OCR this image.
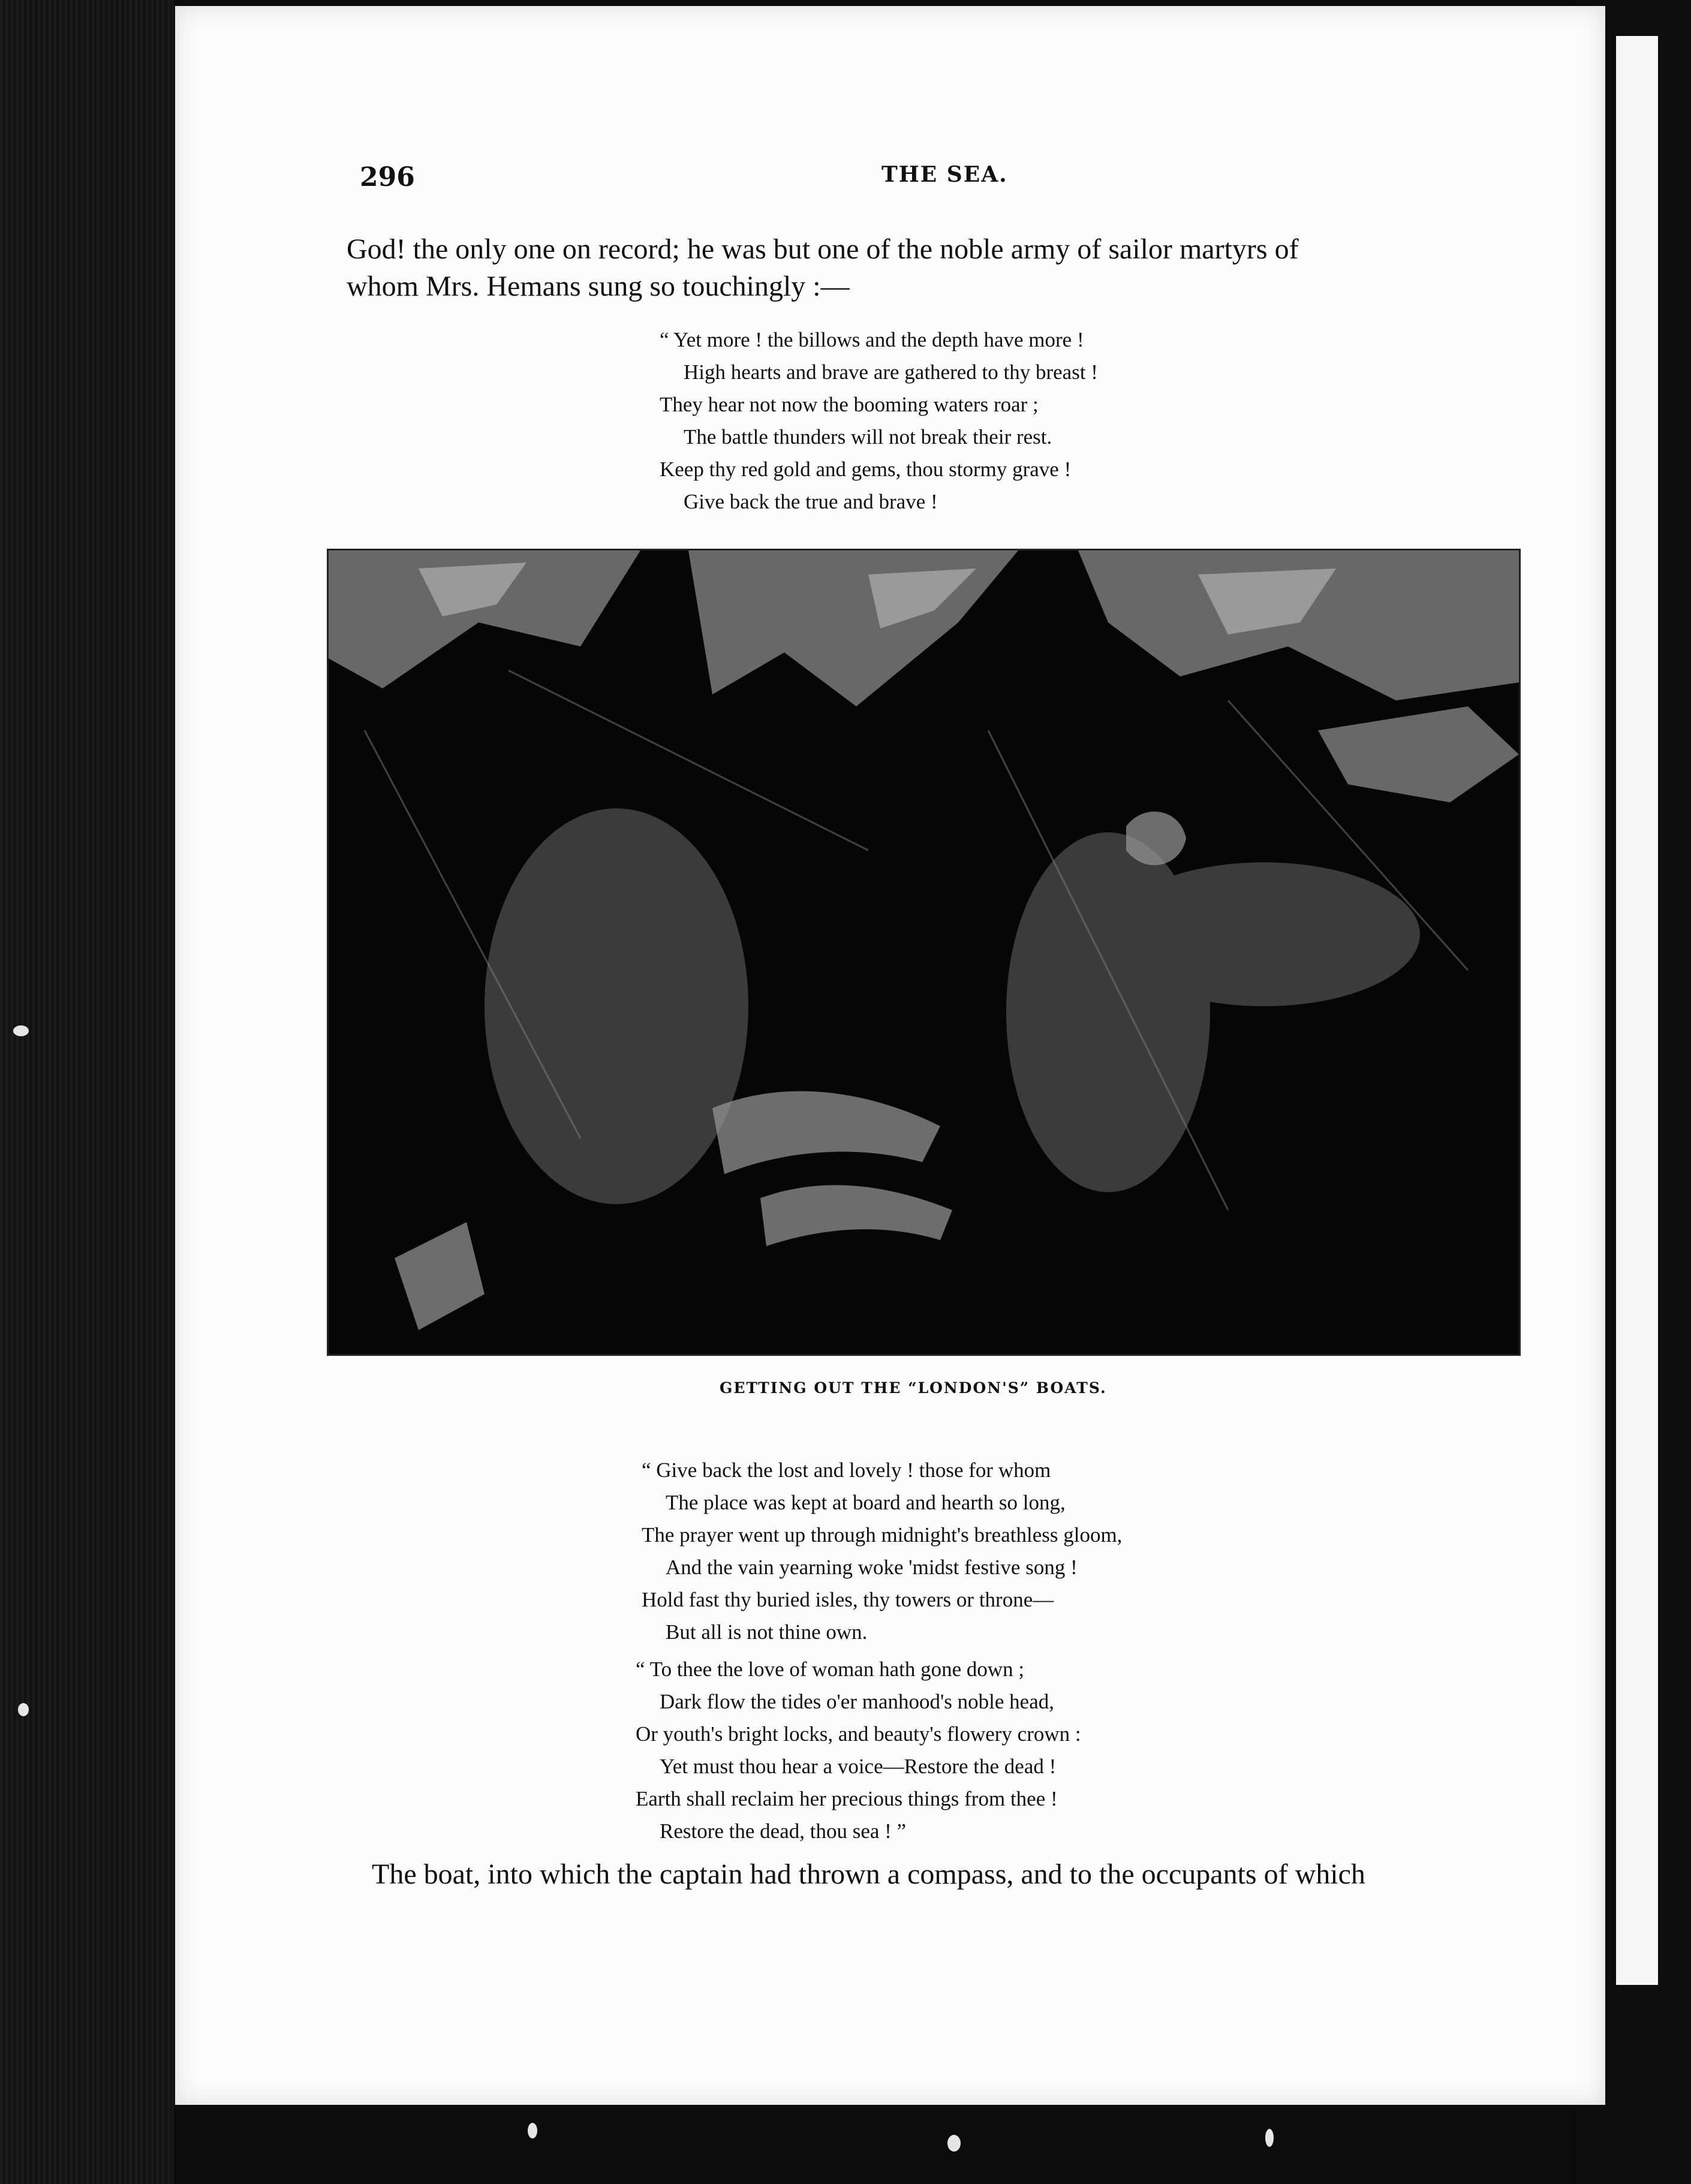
296	THE SEA.
God! the only one on record; he was but one of the noble army of sailor martyrs of
whom Mrs. Hemans sung so touchingly :—
“ Yet more ! the billows and the depth have more !
High hearts and brave are gathered to thy breast !
They hear not now the booming waters roar ;
The battle thunders will not break their rest.
Keep thy red gold and gems, thou stormy grave !
Give back the true and brave !
GETTING OUT THE “LONDON'S” BOATS.
“ Give back the lost and lovely ! those for whom
The place was kept at board and hearth so long,
The prayer went up through midnight's breathless gloom,
And the vain yearning woke 'midst festive song !
Hold fast thy buried isles, thy towers or throne—
But all is not thine own.
“ To thee the love of woman hath gone down ;
Dark flow the tides o'er manhood's noble head,
Or youth's bright locks, and beauty's flowery crown :
Yet must thou hear a voice—Restore the dead !
Earth shall reclaim her precious things from thee !
Restore the dead, thou sea ! ”
The boat, into which the captain had thrown a compass, and to the occupants of which
